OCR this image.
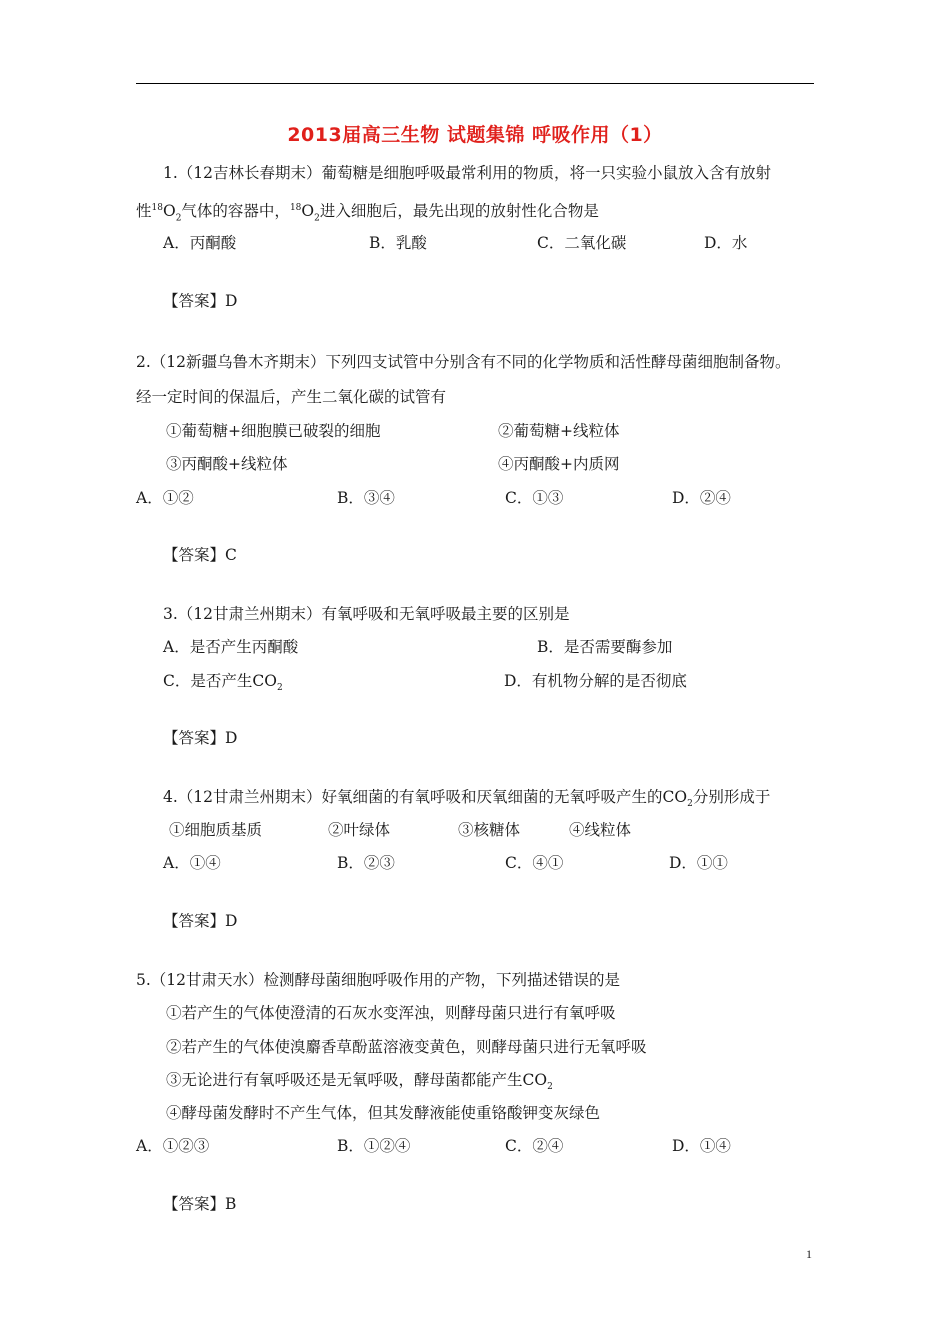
2013届高三生物 试题集锦 呼吸作用（1）
1.（12吉林长春期末）葡萄糖是细胞呼吸最常利用的物质，将一只实验小鼠放入含有放射
性$^{18}O_2$气体的容器中，$^{18}O_2$进入细胞后，最先出现的放射性化合物是
A．丙酮酸	B．乳酸	C．二氧化碳	D．水
【答案】D
2.（12新疆乌鲁木齐期末）下列四支试管中分别含有不同的化学物质和活性酵母菌细胞制备物。
经一定时间的保温后，产生二氧化碳的试管有
①葡萄糖+细胞膜已破裂的细胞	②葡萄糖+线粒体
③丙酮酸+线粒体	④丙酮酸+内质网
A．①②	B．③④	C．①③	D．②④
【答案】C
3.（12甘肃兰州期末）有氧呼吸和无氧呼吸最主要的区别是
A．是否产生丙酮酸	B．是否需要酶参加
C．是否产生$CO_2$	D．有机物分解的是否彻底
【答案】D
4.（12甘肃兰州期末）好氧细菌的有氧呼吸和厌氧细菌的无氧呼吸产生的$CO_2$分别形成于
①细胞质基质	②叶绿体	③核糖体	④线粒体
A．①④	B．②③	C．④①	D．①①
【答案】D
5.（12甘肃天水）检测酵母菌细胞呼吸作用的产物，下列描述错误的是
①若产生的气体使澄清的石灰水变浑浊，则酵母菌只进行有氧呼吸
②若产生的气体使溴麝香草酚蓝溶液变黄色，则酵母菌只进行无氧呼吸
③无论进行有氧呼吸还是无氧呼吸，酵母菌都能产生$CO_2$
④酵母菌发酵时不产生气体，但其发酵液能使重铬酸钾变灰绿色
A．①②③	B．①②④	C．②④	D．①④
【答案】B
1
